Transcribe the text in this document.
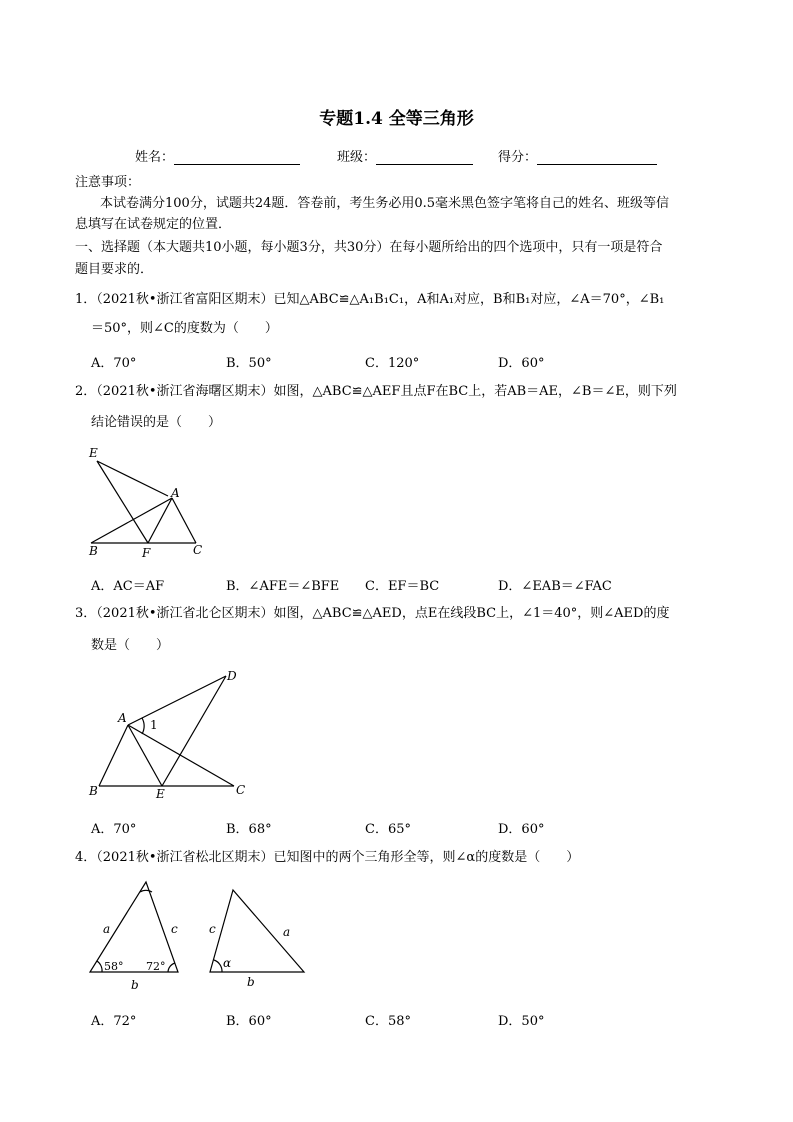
专题1.4 全等三角形
姓名：	班级：	得分：
注意事项：
本试卷满分100分，试题共24题．答卷前，考生务必用0.5毫米黑色签字笔将自己的姓名、班级等信
息填写在试卷规定的位置．
一、选择题（本大题共10小题，每小题3分，共30分）在每小题所给出的四个选项中，只有一项是符合
题目要求的．
1．（2021秋•浙江省富阳区期末）已知△ABC≌△A₁B₁C₁，A和A₁对应，B和B₁对应，∠A＝70°，∠B₁
＝50°，则∠C的度数为（　　）
A．70°	B．50°	C．120°	D．60°
2．（2021秋•浙江省海曙区期末）如图，△ABC≌△AEF且点F在BC上，若AB＝AE，∠B＝∠E，则下列
结论错误的是（　　）
E
A
B	F	C
D
A 1
B	E	C
a	c
b
58° 72°
c	a
b
α
A．AC＝AF	B．∠AFE＝∠BFE C．EF＝BC	D．∠EAB＝∠FAC
3．（2021秋•浙江省北仑区期末）如图，△ABC≌△AED，点E在线段BC上，∠1＝40°，则∠AED的度
数是（　　）
A．70°	B．68°	C．65°	D．60°
4．（2021秋•浙江省松北区期末）已知图中的两个三角形全等，则∠α的度数是（　　）
A．72°	B．60°	C．58°	D．50°
